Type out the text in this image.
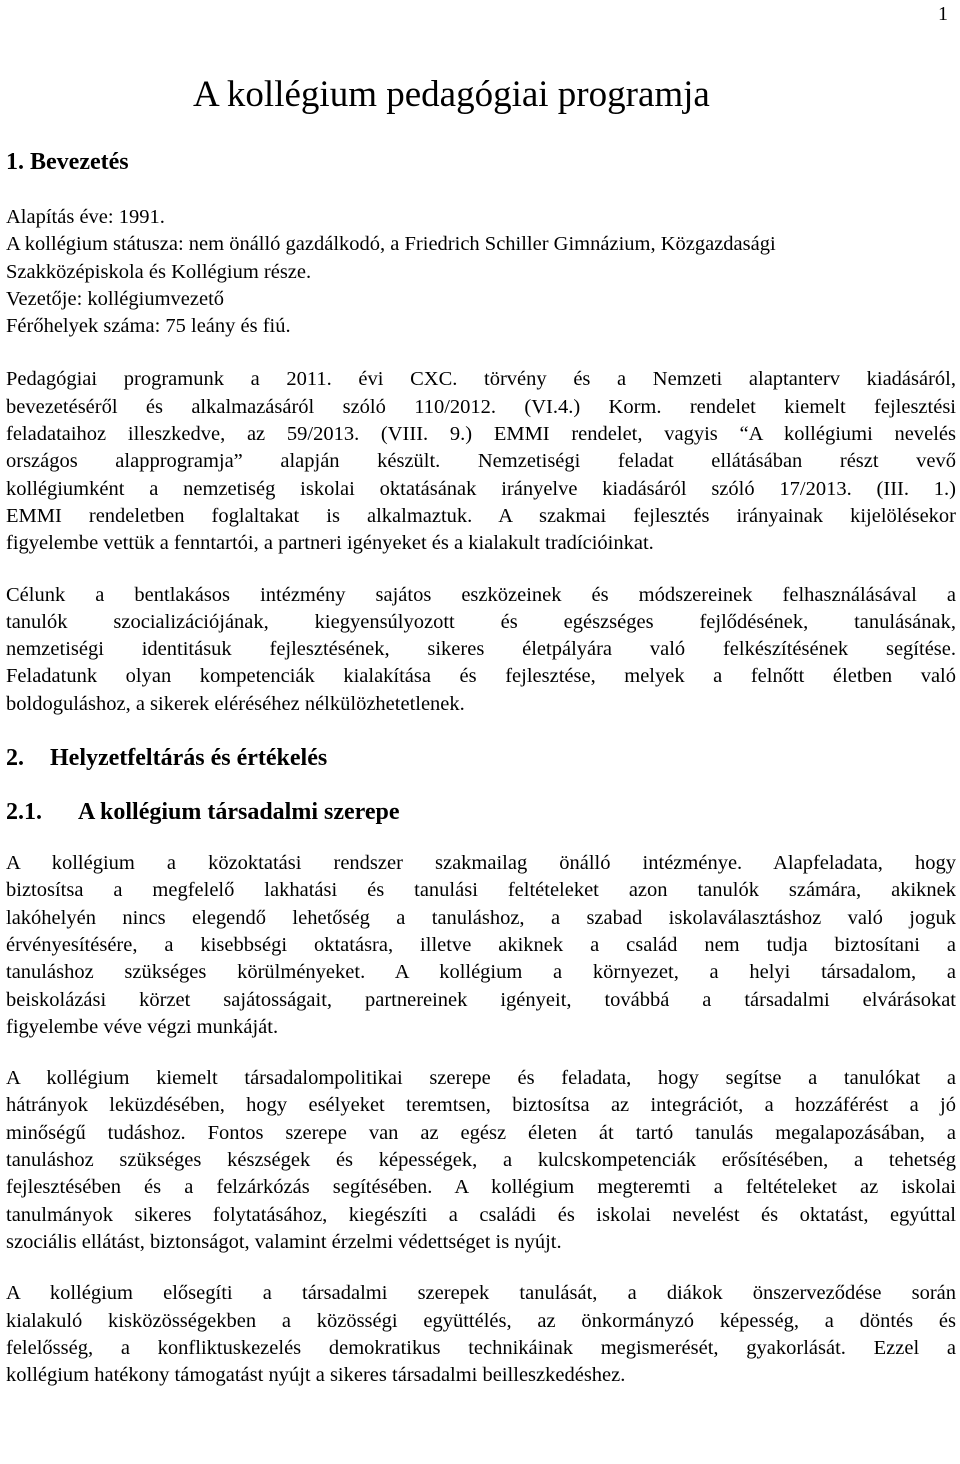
1
A kollégium pedagógiai programja
1. Bevezetés
Alapítás éve: 1991.
A kollégium státusza: nem önálló gazdálkodó, a Friedrich Schiller Gimnázium, Közgazdasági
Szakközépiskola és Kollégium része.
Vezetője: kollégiumvezető
Férőhelyek száma: 75 leány és fiú.

Pedagógiai programunk a 2011. évi CXC. törvény és a Nemzeti alaptanterv kiadásáról,
bevezetéséről és alkalmazásáról szóló 110/2012. (VI.4.) Korm. rendelet kiemelt fejlesztési
feladataihoz illeszkedve, az 59/2013. (VIII. 9.) EMMI rendelet, vagyis “A kollégiumi nevelés
országos alapprogramja” alapján készült. Nemzetiségi feladat ellátásában részt vevő
kollégiumként a nemzetiség iskolai oktatásának irányelve kiadásáról szóló 17/2013. (III. 1.)
EMMI rendeletben foglaltakat is alkalmaztuk. A szakmai fejlesztés irányainak kijelölésekor
figyelembe vettük a fenntartói, a partneri igényeket és a kialakult tradícióinkat.

Célunk a bentlakásos intézmény sajátos eszközeinek és módszereinek felhasználásával a
tanulók szocializációjának, kiegyensúlyozott és egészséges fejlődésének, tanulásának,
nemzetiségi identitásuk fejlesztésének, sikeres életpályára való felkészítésének segítése.
Feladatunk olyan kompetenciák kialakítása és fejlesztése, melyek a felnőtt életben való
boldoguláshoz, a sikerek eléréséhez nélkülözhetetlenek.

2. Helyzetfeltárás és értékelés
2.1. A kollégium társadalmi szerepe

A kollégium a közoktatási rendszer szakmailag önálló intézménye. Alapfeladata, hogy
biztosítsa a megfelelő lakhatási és tanulási feltételeket azon tanulók számára, akiknek
lakóhelyén nincs elegendő lehetőség a tanuláshoz, a szabad iskolaválasztáshoz való joguk
érvényesítésére, a kisebbségi oktatásra, illetve akiknek a család nem tudja biztosítani a
tanuláshoz szükséges körülményeket. A kollégium a környezet, a helyi társadalom, a
beiskolázási körzet sajátosságait, partnereinek igényeit, továbbá a társadalmi elvárásokat
figyelembe véve végzi munkáját.

A kollégium kiemelt társadalompolitikai szerepe és feladata, hogy segítse a tanulókat a
hátrányok leküzdésében, hogy esélyeket teremtsen, biztosítsa az integrációt, a hozzáférést a jó
minőségű tudáshoz. Fontos szerepe van az egész életen át tartó tanulás megalapozásában, a
tanuláshoz szükséges készségek és képességek, a kulcskompetenciák erősítésében, a tehetség
fejlesztésében és a felzárkózás segítésében. A kollégium megteremti a feltételeket az iskolai
tanulmányok sikeres folytatásához, kiegészíti a családi és iskolai nevelést és oktatást, egyúttal
szociális ellátást, biztonságot, valamint érzelmi védettséget is nyújt.

A kollégium elősegíti a társadalmi szerepek tanulását, a diákok önszerveződése során
kialakuló kisközösségekben a közösségi együttélés, az önkormányzó képesség, a döntés és
felelősség, a konfliktuskezelés demokratikus technikáinak megismerését, gyakorlását. Ezzel a
kollégium hatékony támogatást nyújt a sikeres társadalmi beilleszkedéshez.
